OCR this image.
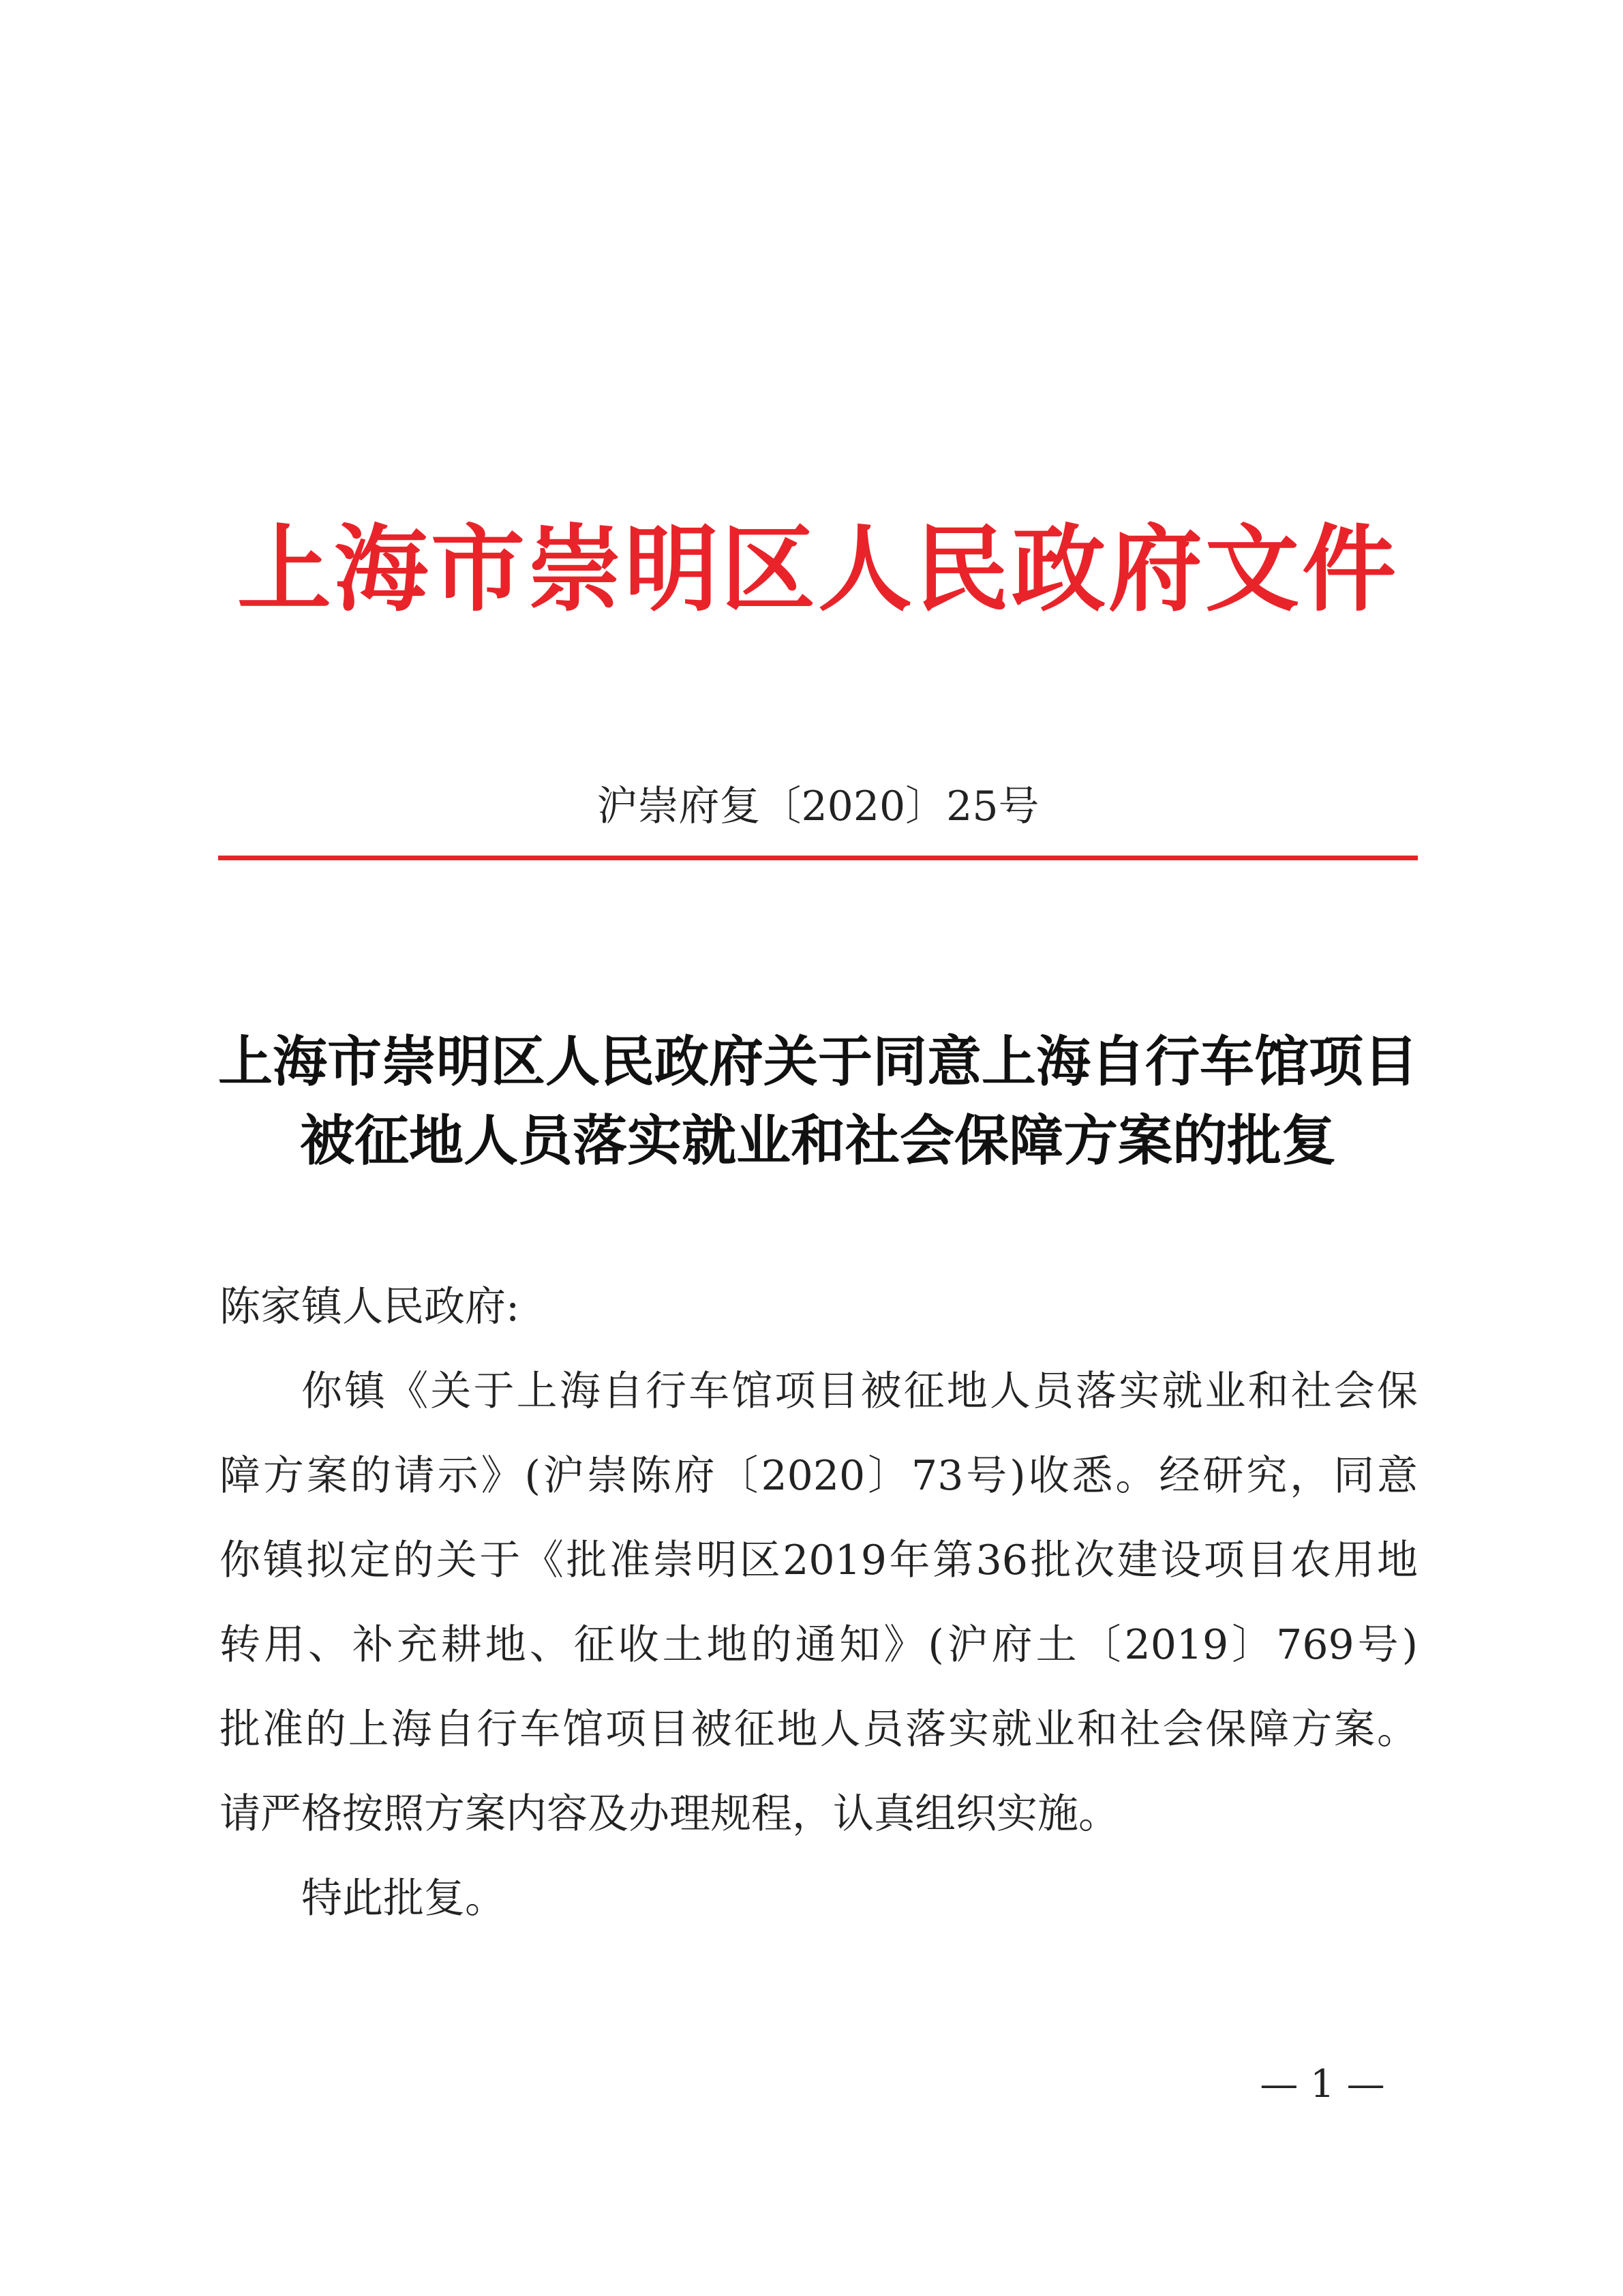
上海市崇明区人民政府文件
沪崇府复〔2020〕25号
上海市崇明区人民政府关于同意上海自行车馆项目
被征地人员落实就业和社会保障方案的批复
陈家镇人民政府:
你镇《关于上海自行车馆项目被征地人员落实就业和社会保
障方案的请示》(沪崇陈府〔2020〕73号)收悉。经研究，同意
你镇拟定的关于《批准崇明区2019年第36批次建设项目农用地
转用、补充耕地、征收土地的通知》(沪府土〔2019〕769号)
批准的上海自行车馆项目被征地人员落实就业和社会保障方案。
请严格按照方案内容及办理规程，认真组织实施。
特此批复。
— 1 —
